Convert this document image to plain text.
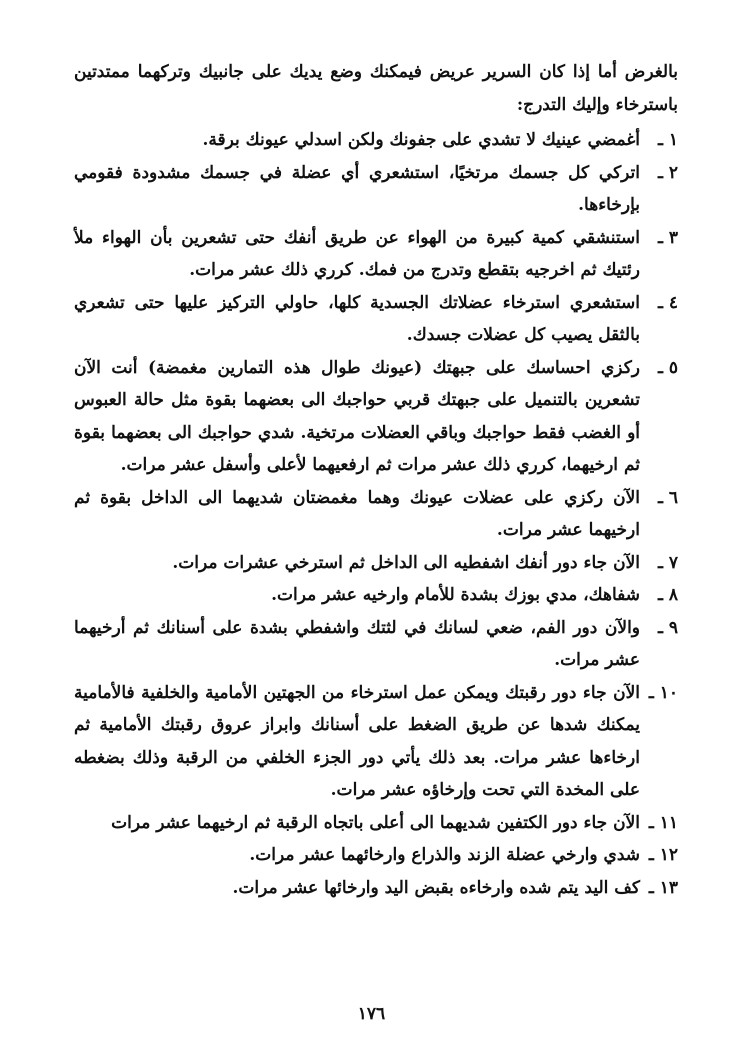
بالغرض أما إذا كان السرير عريض فيمكنك وضع يديك على جانبيك وتركهما ممتدتين باسترخاء وإليك التدرج:

١ ـ
أغمضي عينيك لا تشدي على جفونك ولكن اسدلي عيونك برقة.
٢ ـ
اتركي كل جسمك مرتخيًا، استشعري أي عضلة في جسمك مشدودة فقومي بإرخاءها.
٣ ـ
استنشقي كمية كبيرة من الهواء عن طريق أنفك حتى تشعرين بأن الهواء ملأ رئتيك ثم اخرجيه بتقطع وتدرج من فمك. كرري ذلك عشر مرات.
٤ ـ
استشعري استرخاء عضلاتك الجسدية كلها، حاولي التركيز عليها حتى تشعري بالثقل يصيب كل عضلات جسدك.
٥ ـ
ركزي احساسك على جبهتك (عيونك طوال هذه التمارين مغمضة) أنت الآن تشعرين بالتنميل على جبهتك قربي حواجبك الى بعضهما بقوة مثل حالة العبوس أو الغضب فقط حواجبك وباقي العضلات مرتخية. شدي حواجبك الى بعضهما بقوة ثم ارخيهما، كرري ذلك عشر مرات ثم ارفعيهما لأعلى وأسفل عشر مرات.
٦ ـ
الآن ركزي على عضلات عيونك وهما مغمضتان شديهما الى الداخل بقوة ثم ارخيهما عشر مرات.
٧ ـ
الآن جاء دور أنفك اشفطيه الى الداخل ثم استرخي عشرات مرات.
٨ ـ
شفاهك، مدي بوزك بشدة للأمام وارخيه عشر مرات.
٩ ـ
والآن دور الفم، ضعي لسانك في لثتك واشفطي بشدة على أسنانك ثم أرخيهما عشر مرات.
١٠ ـ
الآن جاء دور رقبتك ويمكن عمل استرخاء من الجهتين الأمامية والخلفية فالأمامية يمكنك شدها عن طريق الضغط على أسنانك وابراز عروق رقبتك الأمامية ثم ارخاءها عشر مرات. بعد ذلك يأتي دور الجزء الخلفي من الرقبة وذلك بضغطه على المخدة التي تحت وإرخاؤه عشر مرات.
١١ ـ
الآن جاء دور الكتفين شديهما الى أعلى باتجاه الرقبة ثم ارخيهما عشر مرات
١٢ ـ
شدي وارخي عضلة الزند والذراع وارخائهما عشر مرات.
١٣ ـ
كف اليد يتم شده وارخاءه بقبض اليد وارخائها عشر مرات.
١٧٦
